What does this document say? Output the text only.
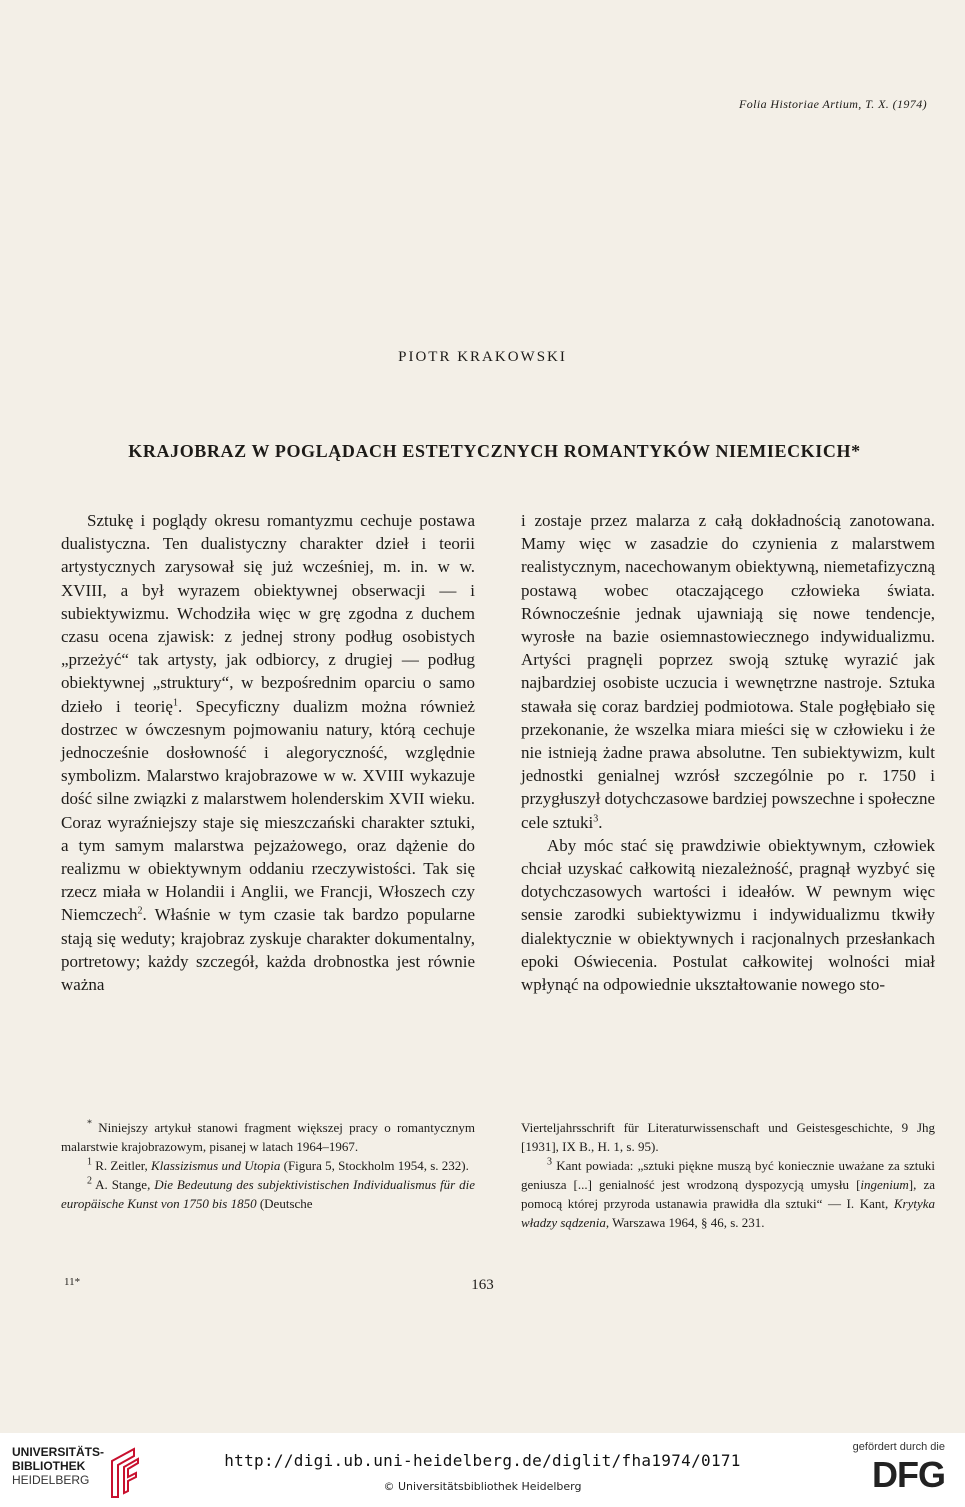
Folia Historiae Artium, T. X. (1974)
PIOTR KRAKOWSKI
KRAJOBRAZ W POGLĄDACH ESTETYCZNYCH ROMANTYKÓW NIEMIECKICH*

Sztukę i poglądy okresu romantyzmu cechuje postawa dualistyczna. Ten dualistyczny charakter dzieł i teorii artystycznych zarysował się już wcześniej, m. in. w w. XVIII, a był wyrazem obiektywnej obserwacji — i subiektywizmu. Wchodziła więc w grę zgodna z duchem czasu ocena zjawisk: z jednej strony podług osobistych „przeżyć“ tak artysty, jak odbiorcy, z drugiej — podług obiektywnej „struktury“, w bezpośrednim oparciu o samo dzieło i teorię$^1$. Specyficzny dualizm można również dostrzec w ówczesnym pojmowaniu natury, którą cechuje jednocześnie dosłowność i alegoryczność, względnie symbolizm. Malarstwo krajobrazowe w w. XVIII wykazuje dość silne związki z malarstwem holenderskim XVII wieku. Coraz wyraźniejszy staje się mieszczański charakter sztuki, a tym samym malarstwa pejzażowego, oraz dążenie do realizmu w obiektywnym oddaniu rzeczywistości. Tak się rzecz miała w Holandii i Anglii, we Francji, Włoszech czy Niemczech$^2$. Właśnie w tym czasie tak bardzo popularne stają się weduty; krajobraz zyskuje charakter dokumentalny, portretowy; każdy szczegół, każda drobnostka jest równie ważna

i zostaje przez malarza z całą dokładnością zanotowana. Mamy więc w zasadzie do czynienia z malarstwem realistycznym, nacechowanym obiektywną, niemetafizyczną postawą wobec otaczającego człowieka świata. Równocześnie jednak ujawniają się nowe tendencje, wyrosłe na bazie osiemnastowiecznego indywidualizmu. Artyści pragnęli poprzez swoją sztukę wyrazić jak najbardziej osobiste uczucia i wewnętrzne nastroje. Sztuka stawała się coraz bardziej podmiotowa. Stale pogłębiało się przekonanie, że wszelka miara mieści się w człowieku i że nie istnieją żadne prawa absolutne. Ten subiektywizm, kult jednostki genialnej wzrósł szczególnie po r. 1750 i przygłuszył dotychczasowe bardziej powszechne i społeczne cele sztuki$^3$.

Aby móc stać się prawdziwie obiektywnym, człowiek chciał uzyskać całkowitą niezależność, pragnął wyzbyć się dotychczasowych wartości i ideałów. W pewnym więc sensie zarodki subiektywizmu i indywidualizmu tkwiły dialektycznie w obiektywnych i racjonalnych przesłankach epoki Oświecenia. Postulat całkowitej wolności miał wpłynąć na odpowiednie ukształtowanie nowego sto-

* Niniejszy artykuł stanowi fragment większej pracy o romantycznym malarstwie krajobrazowym, pisanej w latach 1964–1967.

$^1$ R. Zeitler, Klassizismus und Utopia (Figura 5, Stockholm 1954, s. 232).

$^2$ A. Stange, Die Bedeutung des subjektivistischen Individualismus für die europäische Kunst von 1750 bis 1850 (Deutsche

Vierteljahrsschrift für Literaturwissenschaft und Geistesgeschichte, 9 Jhg [1931], IX B., H. 1, s. 95).

$^3$ Kant powiada: „sztuki piękne muszą być koniecznie uważane za sztuki geniusza [...] genialność jest wrodzoną dyspozycją umysłu [ingenium], za pomocą której przyroda ustanawia prawidła dla sztuki“ — I. Kant, Krytyka władzy sądzenia, Warszawa 1964, § 46, s. 231.

11*	163
UNIVERSITÄTS-
BIBLIOTHEK
HEIDELBERG
http://digi.ub.uni-heidelberg.de/diglit/fha1974/0171
© Universitätsbibliothek Heidelberg
gefördert durch die
DFG
